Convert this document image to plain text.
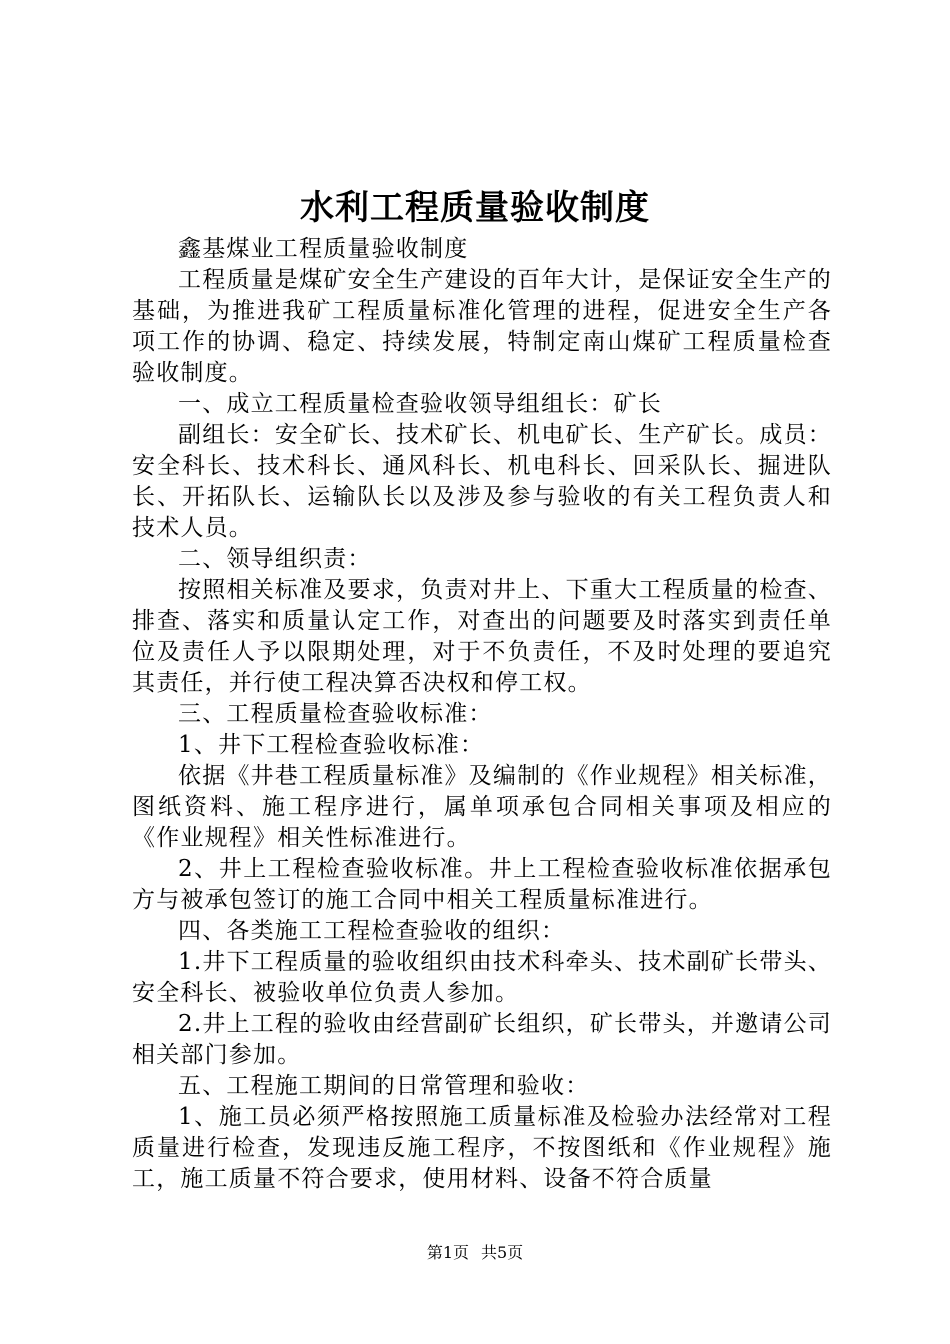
水利工程质量验收制度

鑫基煤业工程质量验收制度

工程质量是煤矿安全生产建设的百年大计，是保证安全生产的基础，为推进我矿工程质量标准化管理的进程，促进安全生产各项工作的协调、稳定、持续发展，特制定南山煤矿工程质量检查验收制度。

一、成立工程质量检查验收领导组组长：矿长

副组长：安全矿长、技术矿长、机电矿长、生产矿长。成员：安全科长、技术科长、通风科长、机电科长、回采队长、掘进队长、开拓队长、运输队长以及涉及参与验收的有关工程负责人和技术人员。

二、领导组织责：

按照相关标准及要求，负责对井上、下重大工程质量的检查、排查、落实和质量认定工作，对查出的问题要及时落实到责任单位及责任人予以限期处理，对于不负责任，不及时处理的要追究其责任，并行使工程决算否决权和停工权。

三、工程质量检查验收标准：

1、井下工程检查验收标准：

依据《井巷工程质量标准》及编制的《作业规程》相关标准，图纸资料、施工程序进行，属单项承包合同相关事项及相应的《作业规程》相关性标准进行。

2、井上工程检查验收标准。井上工程检查验收标准依据承包方与被承包签订的施工合同中相关工程质量标准进行。

四、各类施工工程检查验收的组织：

1.井下工程质量的验收组织由技术科牵头、技术副矿长带头、安全科长、被验收单位负责人参加。

2.井上工程的验收由经营副矿长组织，矿长带头，并邀请公司相关部门参加。

五、工程施工期间的日常管理和验收：

1、施工员必须严格按照施工质量标准及检验办法经常对工程质量进行检查，发现违反施工程序，不按图纸和《作业规程》施工，施工质量不符合要求，使用材料、设备不符合质量

第1页 共5页
